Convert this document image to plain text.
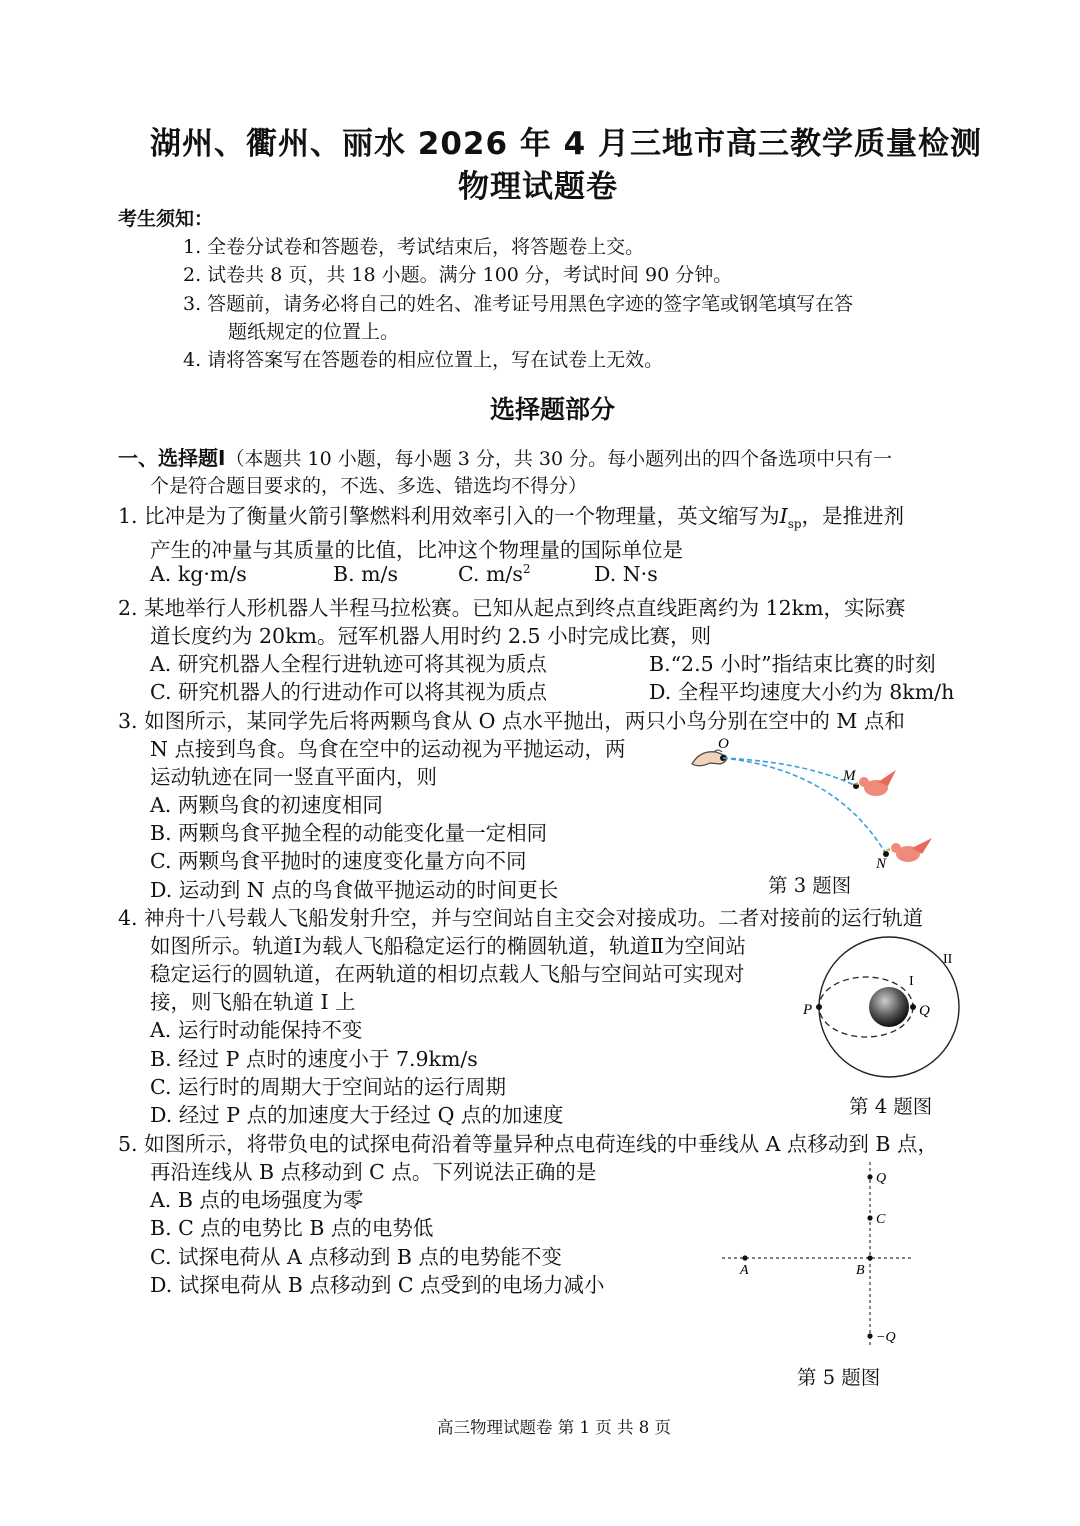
湖州、衢州、丽水 2026 年 4 月三地市高三教学质量检测
物理试题卷
考生须知：
1. 全卷分试卷和答题卷，考试结束后，将答题卷上交。
2. 试卷共 8 页，共 18 小题。满分 100 分，考试时间 90 分钟。
3. 答题前，请务必将自己的姓名、准考证号用黑色字迹的签字笔或钢笔填写在答
题纸规定的位置上。
4. 请将答案写在答题卷的相应位置上，写在试卷上无效。
选择题部分
一、选择题Ⅰ（本题共 10 小题，每小题 3 分，共 30 分。每小题列出的四个备选项中只有一
个是符合题目要求的，不选、多选、错选均不得分）
1. 比冲是为了衡量火箭引擎燃料利用效率引入的一个物理量，英文缩写为$I_{sp}$，是推进剂
产生的冲量与其质量的比值，比冲这个物理量的国际单位是
A. kg·m/s	B. m/s	C. $m/s^2$	D. N·s
2. 某地举行人形机器人半程马拉松赛。已知从起点到终点直线距离约为 12km，实际赛
道长度约为 20km。冠军机器人用时约 2.5 小时完成比赛，则
A. 研究机器人全程行进轨迹可将其视为质点	B.“2.5 小时”指结束比赛的时刻
C. 研究机器人的行进动作可以将其视为质点	D. 全程平均速度大小约为 8km/h
3. 如图所示，某同学先后将两颗鸟食从 O 点水平抛出，两只小鸟分别在空中的 M 点和
N 点接到鸟食。鸟食在空中的运动视为平抛运动，两
运动轨迹在同一竖直平面内，则
A. 两颗鸟食的初速度相同
B. 两颗鸟食平抛全程的动能变化量一定相同
C. 两颗鸟食平抛时的速度变化量方向不同
D. 运动到 N 点的鸟食做平抛运动的时间更长
O
M
N
第 3 题图
4. 神舟十八号载人飞船发射升空，并与空间站自主交会对接成功。二者对接前的运行轨道
如图所示。轨道Ⅰ为载人飞船稳定运行的椭圆轨道，轨道Ⅱ为空间站
稳定运行的圆轨道，在两轨道的相切点载人飞船与空间站可实现对
接，则飞船在轨道 I 上
A. 运行时动能保持不变
B. 经过 P 点时的速度小于 7.9km/s
C. 运行时的周期大于空间站的运行周期
D. 经过 P 点的加速度大于经过 Q 点的加速度
P	Q
I
II
第 4 题图
5. 如图所示，将带负电的试探电荷沿着等量异种点电荷连线的中垂线从 A 点移动到 B 点，
再沿连线从 B 点移动到 C 点。下列说法正确的是
A. B 点的电场强度为零
B. C 点的电势比 B 点的电势低
C. 试探电荷从 A 点移动到 B 点的电势能不变
D. 试探电荷从 B 点移动到 C 点受到的电场力减小
Q
C
A	B
−Q
第 5 题图
高三物理试题卷 第 1 页 共 8 页
